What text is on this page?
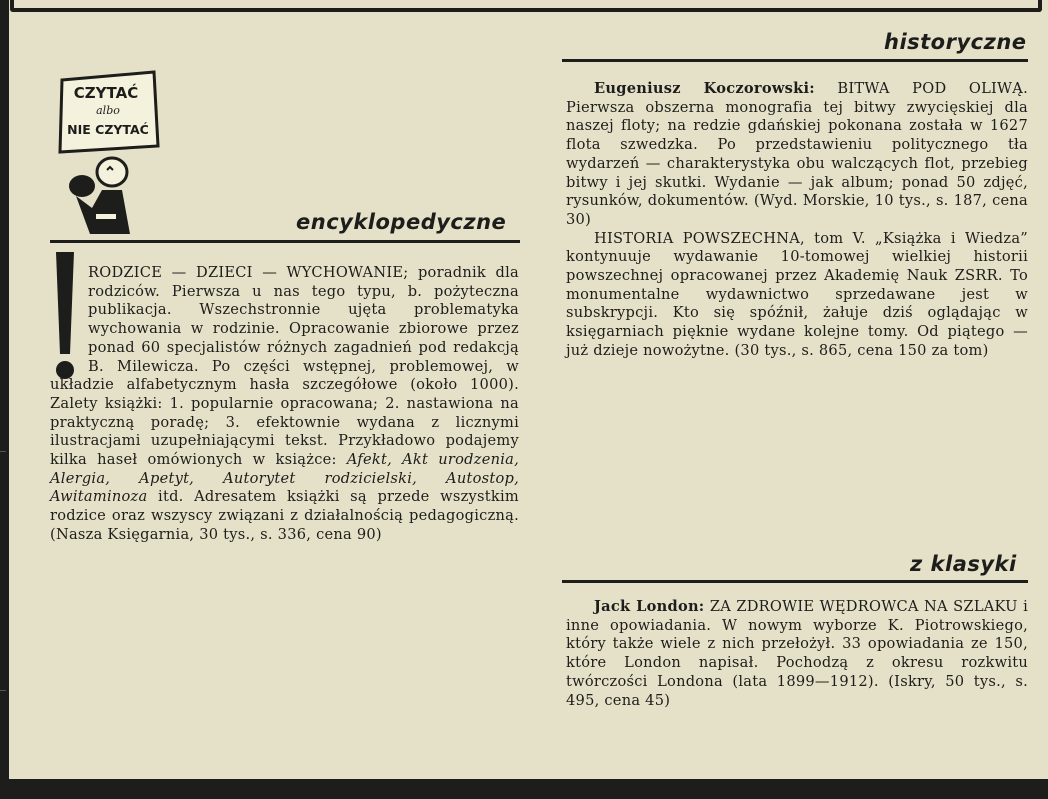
CZYTAĆ
albo
NIE CZYTAĆ
encyklopedyczne
historyczne
z klasyki
RODZICE — DZIECI — WYCHOWANIE; poradnik dla rodziców. Pierwsza u nas tego typu, b. pożyteczna publikacja. Wszechstronnie ujęta problematyka wychowania w rodzinie. Opracowanie zbiorowe przez ponad 60 specjalistów różnych zagadnień pod redakcją B. Milewicza. Po części wstępnej, problemowej, w układzie alfabetycznym hasła szczegółowe (około 1000). Zalety książki: 1. popularnie opracowana; 2. nastawiona na praktyczną poradę; 3. efektownie wydana z licznymi ilustracjami uzupełniającymi tekst. Przykładowo podajemy kilka haseł omówionych w książce: Afekt, Akt urodzenia, Alergia, Apetyt, Autorytet rodzicielski, Autostop, Awitaminoza itd. Adresatem książki są przede wszystkim rodzice oraz wszyscy związani z działalnością pedagogiczną. (Nasza Księgarnia, 30 tys., s. 336, cena 90)
Eugeniusz Koczorowski: BITWA POD OLIWĄ. Pierwsza obszerna monografia tej bitwy zwycięskiej dla naszej floty; na redzie gdańskiej pokonana została w 1627 flota szwedzka. Po przedstawieniu politycznego tła wydarzeń — charakterystyka obu walczących flot, przebieg bitwy i jej skutki. Wydanie — jak album; ponad 50 zdjęć, rysunków, dokumentów. (Wyd. Morskie, 10 tys., s. 187, cena 30)
HISTORIA POWSZECHNA, tom V. „Książka i Wiedza” kontynuuje wydawanie 10-tomowej wielkiej historii powszechnej opracowanej przez Akademię Nauk ZSRR. To monumentalne wydawnictwo sprzedawane jest w subskrypcji. Kto się spóźnił, żałuje dziś oglądając w księgarniach pięknie wydane kolejne tomy. Od piątego — już dzieje nowożytne. (30 tys., s. 865, cena 150 za tom)
Jack London: ZA ZDROWIE WĘDROWCA NA SZLAKU i inne opowiadania. W nowym wyborze K. Piotrowskiego, który także wiele z nich przełożył. 33 opowiadania ze 150, które London napisał. Pochodzą z okresu rozkwitu twórczości Londona (lata 1899—1912). (Iskry, 50 tys., s. 495, cena 45)
